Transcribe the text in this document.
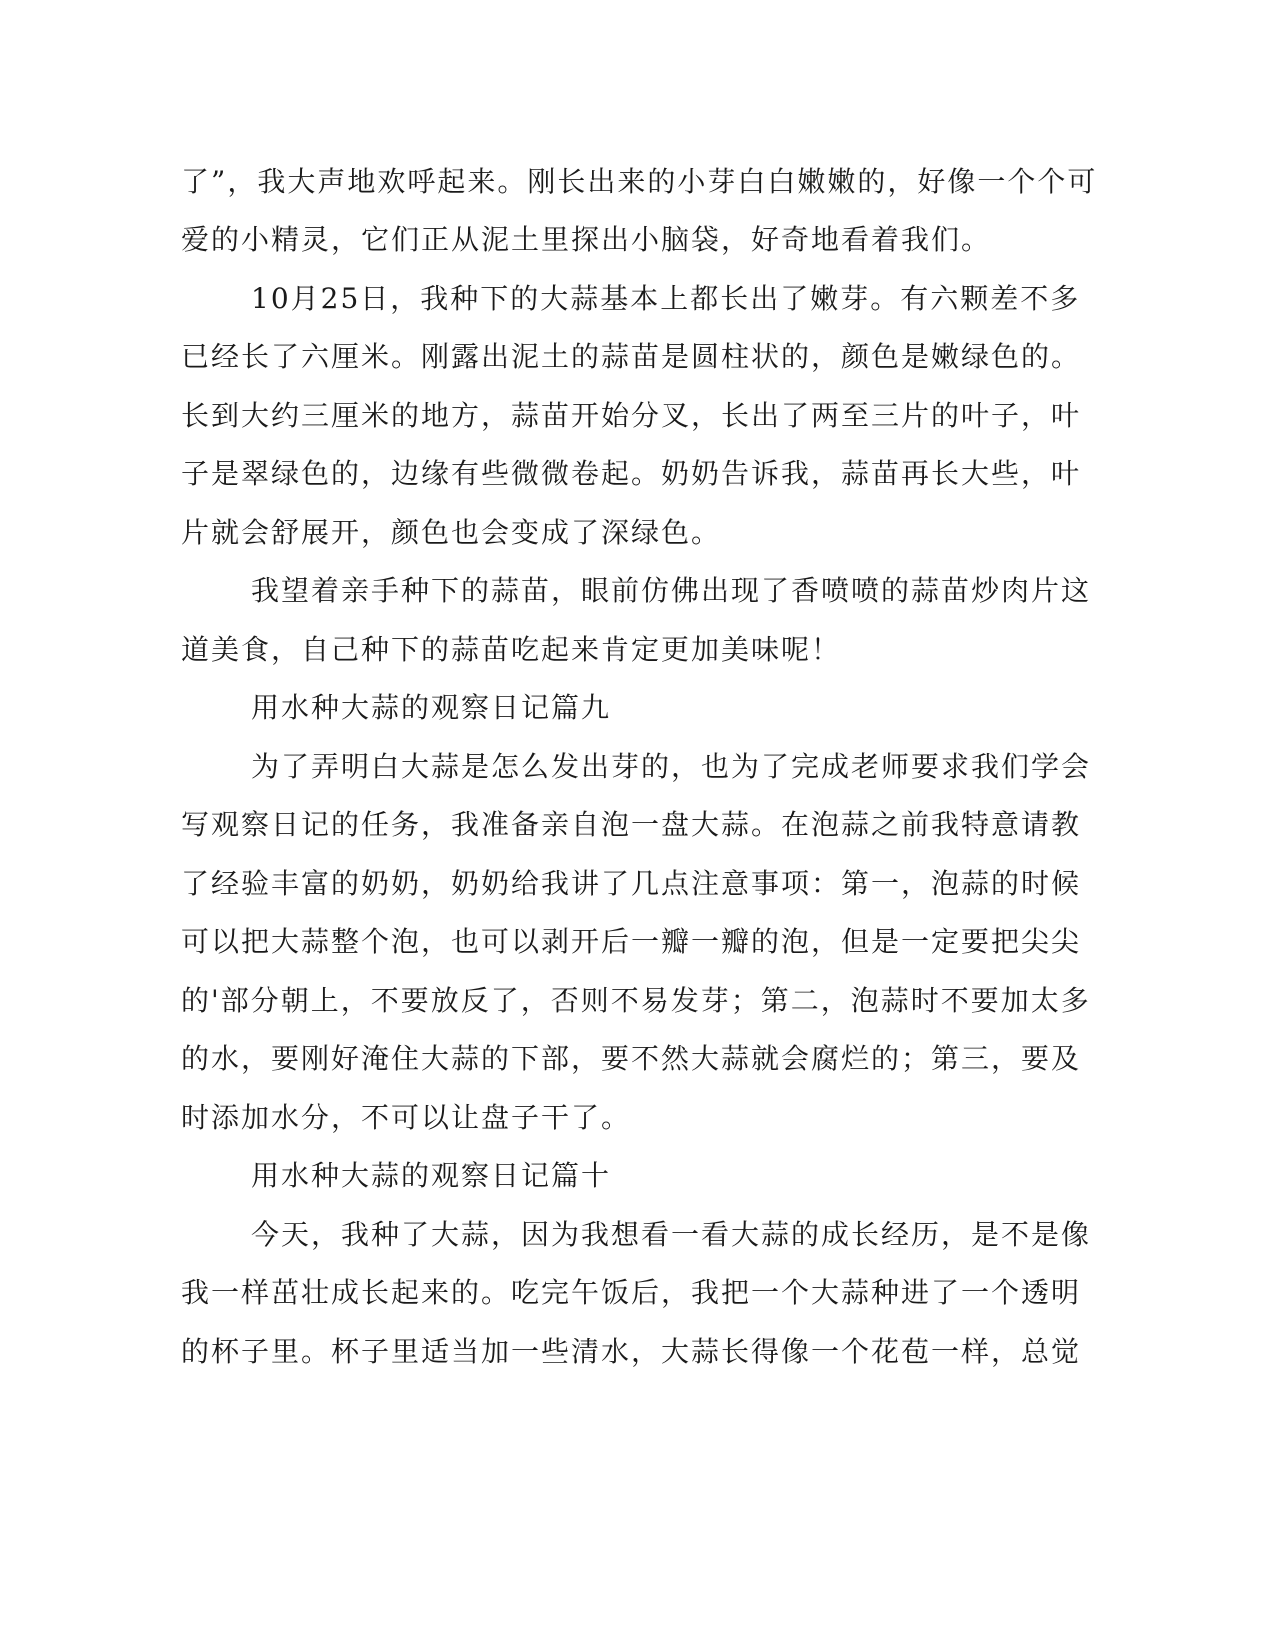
了”，我大声地欢呼起来。刚长出来的小芽白白嫩嫩的，好像一个个可
爱的小精灵，它们正从泥土里探出小脑袋，好奇地看着我们。
10月25日，我种下的大蒜基本上都长出了嫩芽。有六颗差不多
已经长了六厘米。刚露出泥土的蒜苗是圆柱状的，颜色是嫩绿色的。
长到大约三厘米的地方，蒜苗开始分叉，长出了两至三片的叶子，叶
子是翠绿色的，边缘有些微微卷起。奶奶告诉我，蒜苗再长大些，叶
片就会舒展开，颜色也会变成了深绿色。
我望着亲手种下的蒜苗，眼前仿佛出现了香喷喷的蒜苗炒肉片这
道美食，自己种下的蒜苗吃起来肯定更加美味呢！
用水种大蒜的观察日记篇九
为了弄明白大蒜是怎么发出芽的，也为了完成老师要求我们学会
写观察日记的任务，我准备亲自泡一盘大蒜。在泡蒜之前我特意请教
了经验丰富的奶奶，奶奶给我讲了几点注意事项：第一，泡蒜的时候
可以把大蒜整个泡，也可以剥开后一瓣一瓣的泡，但是一定要把尖尖
的'部分朝上，不要放反了，否则不易发芽；第二，泡蒜时不要加太多
的水，要刚好淹住大蒜的下部，要不然大蒜就会腐烂的；第三，要及
时添加水分，不可以让盘子干了。
用水种大蒜的观察日记篇十
今天，我种了大蒜，因为我想看一看大蒜的成长经历，是不是像
我一样茁壮成长起来的。吃完午饭后，我把一个大蒜种进了一个透明
的杯子里。杯子里适当加一些清水，大蒜长得像一个花苞一样，总觉
